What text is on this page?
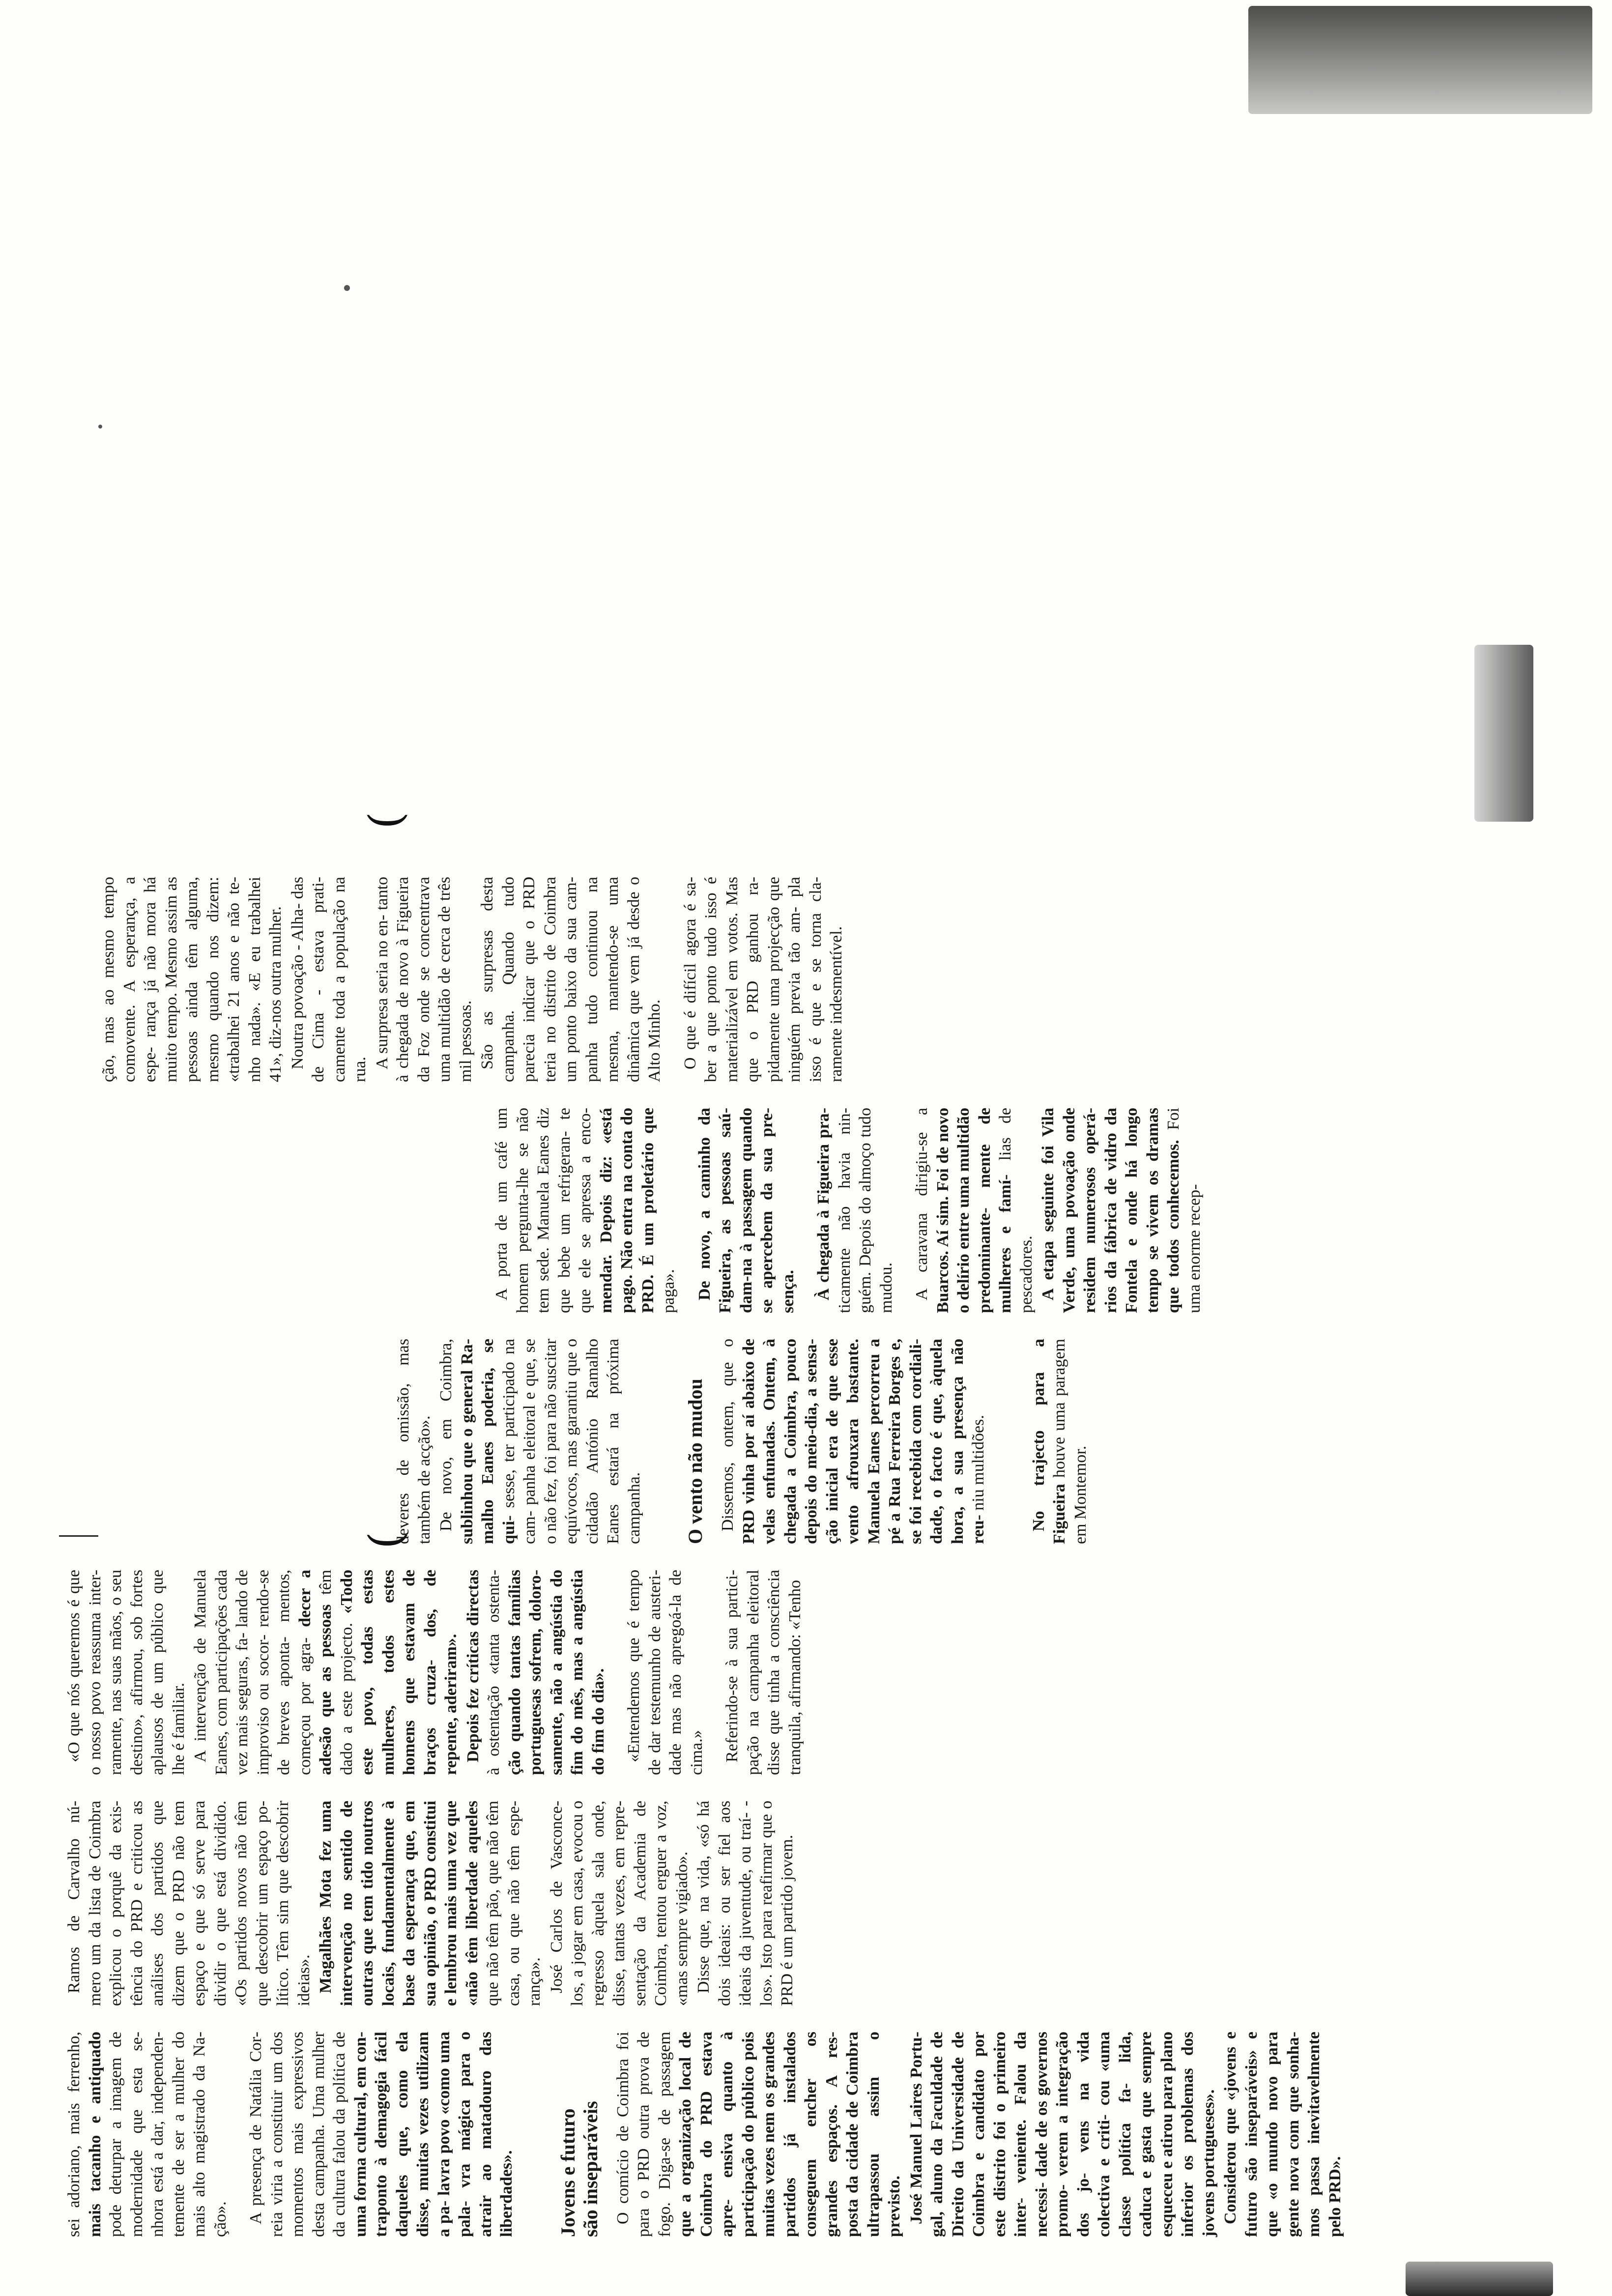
(
(

sei adoriano, mais ferrenho, mais tacanho e antiquado pode deturpar a imagem de modernidade que esta se- nhora está a dar, independen- temente de ser a mulher do mais alto magistrado da Na- ção». A presença de Natália Cor- reia viria a constituir um dos momentos mais expressivos desta campanha. Uma mulher da cultura falou da política de uma forma cultural, em con- traponto à demagogia fácil daqueles que, como ela disse, muitas vezes utilizam a pa- lavra povo «como uma pala- vra mágica para o atrair ao matadouro das liberdades». Jovens e futuro são inseparáveis O comício de Coimbra foi para o PRD outra prova de fogo. Diga-se de passagem que a organização local de Coimbra do PRD estava apre- ensiva quanto à participação do público pois muitas vezes nem os grandes partidos já instalados conseguem encher os grandes espaços. A res- posta da cidade de Coimbra ultrapassou assim o previsto. José Manuel Laires Portu- gal, aluno da Faculdade de Direito da Universidade de Coimbra e candidato por este distrito foi o primeiro inter- veniente. Falou da necessi- dade de os governos promo- verem a integração dos jo- vens na vida colectiva e criti- cou «uma classe política fa- lida, caduca e gasta que sempre esqueceu e atirou para plano inferior os problemas dos jovens portugueses». Considerou que «jovens e futuro são inseparáveis» e que «o mundo novo para gente nova com que sonha- mos passa inevitavelmente pelo PRD».

Ramos de Carvalho nú- mero um da lista de Coimbra explicou o porquê da exis- tência do PRD e criticou as análises dos partidos que dizem que o PRD não tem espaço e que só serve para dividir o que está dividido. «Os partidos novos não têm que descobrir um espaço po- lítico. Têm sim que descobrir ideias». Magalhães Mota fez uma intervenção no sentido de outras que tem tido noutros locais, fundamentalmente à base da esperança que, em sua opinião, o PRD constitui e lembrou mais uma vez que «não têm liberdade aqueles que não têm pão, que não têm casa, ou que não têm espe- rança». José Carlos de Vasconce- los, a jogar em casa, evocou o regresso àquela sala onde, disse, tantas vezes, em repre- sentação da Academia de Coimbra, tentou erguer a voz, «mas sempre vigiado». Disse que, na vida, «só há dois ideais: ou ser fiel aos ideais da juventude, ou traí- -los». Isto para reafirmar que o PRD é um partido jovem.

«O que nós queremos é que o nosso povo reassuma inter- ramente, nas suas mãos, o seu destino», afirmou, sob fortes aplausos de um público que lhe é familiar. A intervenção de Manuela Eanes, com participações cada vez mais seguras, fa- lando de improviso ou socor- rendo-se de breves aponta- mentos, começou por agra- decer a adesão que as pessoas têm dado a este projecto. «Todo este povo, todas estas mulheres, todos estes homens que estavam de braços cruza- dos, de repente, aderiram». Depois fez críticas directas à ostentação «tanta ostenta- ção quando tantas famílias portuguesas sofrem, doloro- samente, não a angústia do fim do mês, mas a angústia do fim do dia». «Entendemos que é tempo de dar testemunho de austeri- dade mas não apregoá-la de cima.» Referindo-se à sua partici- pação na campanha eleitoral disse que tinha a consciência tranquila, afirmando: «Tenho

deveres de omissão, mas também de acção». De novo, em Coimbra, sublinhou que o general Ra- malho Eanes poderia, se qui- sesse, ter participado na cam- panha eleitoral e que, se o não fez, foi para não suscitar equívocos, mas garantiu que o cidadão António Ramalho Eanes estará na próxima campanha. O vento não mudou Dissemos, ontem, que o PRD vinha por aí abaixo de velas enfunadas. Ontem, à chegada a Coimbra, pouco depois do meio-dia, a sensa- ção inicial era de que esse vento afrouxara bastante. Manuela Eanes percorreu a pé a Rua Ferreira Borges e, se foi recebida com cordiali- dade, o facto é que, àquela hora, a sua presença não reu- niu multidões.	No trajecto para a Figueira houve uma paragem em Montemor.

A porta de um café um homem pergunta-lhe se não tem sede. Manuela Eanes diz que bebe um refrigeran- te que ele se apressa a enco- mendar. Depois diz: «está pago. Não entra na conta do PRD. É um proletário que paga». De novo, a caminho da Figueira, as pessoas saú- dam-na à passagem quando se apercebem da sua pre- sença. À chegada à Figueira pra- ticamente não havia nin- guém. Depois do almoço tudo mudou. A caravana dirigiu-se a Buarcos. Aí sim. Foi de novo o delírio entre uma multidão predominante- mente de mulheres e famí- lias de pescadores. A etapa seguinte foi Vila Verde, uma povoação onde residem numerosos operá- rios da fábrica de vidro da Fontela e onde há longo tempo se vivem os dramas que todos conhecemos. Foi uma enorme recep-

ção, mas ao mesmo tempo comovente. A esperança, a espe- rança já não mora há muito tempo. Mesmo assim as pessoas ainda têm alguma, mesmo quando nos dizem: «trabalhei 21 anos e não te- nho nada». «E eu trabalhei 41», diz-nos outra mulher. Noutra povoação - Alha- das de Cima - estava prati- camente toda a população na rua.

A surpresa seria no en- tanto à chegada de novo à Figueira da Foz onde se concentrava uma multidão de cerca de três mil pessoas. São as surpresas desta campanha. Quando tudo parecia indicar que o PRD teria no distrito de Coimbra um ponto baixo da sua cam- panha tudo continuou na mesma, mantendo-se uma dinâmica que vem já desde o Alto Minho. O que é difícil agora é sa- ber a que ponto tudo isso é materializável em votos. Mas que o PRD ganhou ra- pidamente uma projecção que ninguém previa tão am- pla isso é que e se torna cla- ramente indesmentível.
